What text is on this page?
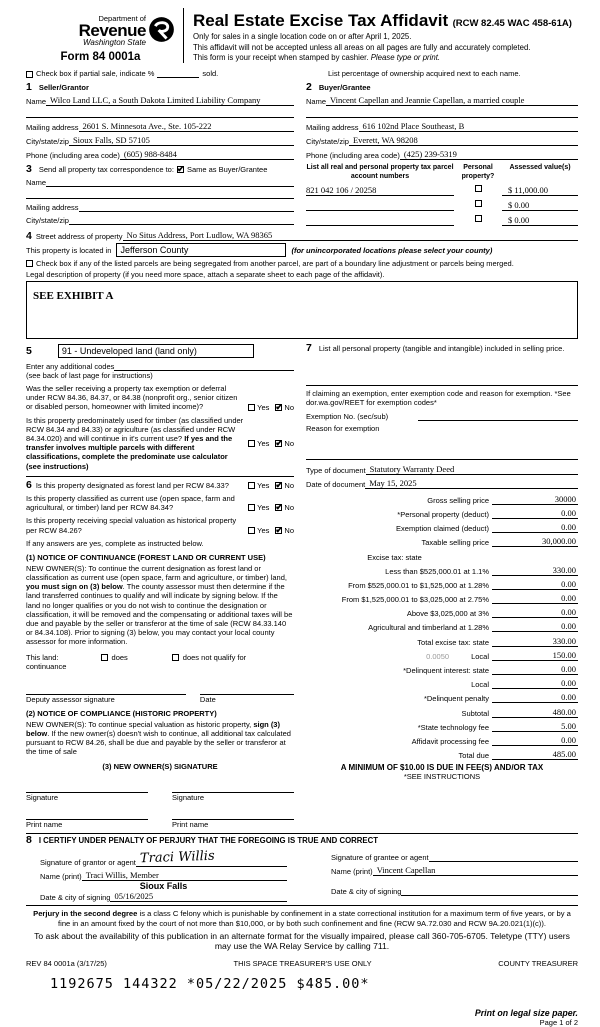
Department of
Revenue
Washington State
Form 84 0001a
Real Estate Excise Tax Affidavit (RCW 82.45 WAC 458-61A)
Only for sales in a single location code on or after April 1, 2025.
This affidavit will not be accepted unless all areas on all pages are fully and accurately completed.
This form is your receipt when stamped by cashier. Please type or print.
Check box if partial sale, indicate %	sold.	List percentage of ownership acquired next to each name.
1 Seller/Grantor
Name Wilco Land LLC, a South Dakota Limited Liability Company
Mailing address 2601 S. Minnesota Ave., Ste. 105-222
City/state/zip Sioux Falls, SD 57105
Phone (including area code) (605) 988-8484
2 Buyer/Grantee
Name Vincent Capellan and Jeannie Capellan, a married couple
Mailing address 616 102nd Place Southeast, B
City/state/zip Everett, WA 98208
Phone (including area code) (425) 239-5319
3 Send all property tax correspondence to: ✔ Same as Buyer/Grantee
Name
Mailing address
City/state/zip
List all real and personal property tax parcel account numbers
Personal property?
Assessed value(s)
821 042 106 / 20258	$ 11,000.00
$ 0.00
$ 0.00
4 Street address of property No Situs Address, Port Ludlow, WA 98365
This property is located in	Jefferson County	(for unincorporated locations please select your county)
Check box if any of the listed parcels are being segregated from another parcel, are part of a boundary line adjustment or parcels being merged.
Legal description of property (if you need more space, attach a separate sheet to each page of the affidavit).
SEE EXHIBIT A
5	91 - Undeveloped land (land only)
Enter any additional codes
(see back of last page for instructions)
Was the seller receiving a property tax exemption or deferral under RCW 84.36, 84.37, or 84.38 (nonprofit org., senior citizen or disabled person, homeowner with limited income)?	Yes ✔ No
Is this property predominately used for timber (as classified under RCW 84.34 and 84.33) or agriculture (as classified under RCW 84.34.020) and will continue in it's current use? If yes and the transfer involves multiple parcels with different classifications, complete the predominate use calculator (see instructions)
Yes ✔ No
6 Is this property designated as forest land per RCW 84.33?	Yes ✔ No
Is this property classified as current use (open space, farm and agricultural, or timber) land per RCW 84.34?	Yes ✔ No
Is this property receiving special valuation as historical property per RCW 84.26?	Yes ✔ No
If any answers are yes, complete as instructed below.
(1) NOTICE OF CONTINUANCE (FOREST LAND OR CURRENT USE)
NEW OWNER(S): To continue the current designation as forest land or classification as current use (open space, farm and agriculture, or timber) land, you must sign on (3) below. The county assessor must then determine if the land transferred continues to qualify and will indicate by signing below. If the land no longer qualifies or you do not wish to continue the designation or classification, it will be removed and the compensating or additional taxes will be due and payable by the seller or transferor at the time of sale (RCW 84.33.140 or 84.34.108). Prior to signing (3) below, you may contact your local county assessor for more information.
This land:	does	does not qualify for
continuance
Deputy assessor signature	Date
(2) NOTICE OF COMPLIANCE (HISTORIC PROPERTY)
NEW OWNER(S): To continue special valuation as historic property, sign (3) below. If the new owner(s) doesn't wish to continue, all additional tax calculated pursuant to RCW 84.26, shall be due and payable by the seller or transferor at the time of sale
(3) NEW OWNER(S) SIGNATURE
Signature	Signature
Print name	Print name
7 List all personal property (tangible and intangible) included in selling price.
If claiming an exemption, enter exemption code and reason for exemption. *See dor.wa.gov/REET for exemption codes*
Exemption No. (sec/sub)
Reason for exemption
Type of document Statutory Warranty Deed
Date of document May 15, 2025
Gross selling price	30000
*Personal property (deduct)	0.00
Exemption claimed (deduct)	0.00
Taxable selling price	30,000.00
Excise tax: state
Less than $525,000.01 at 1.1%	330.00
From $525,000.01 to $1,525,000 at 1.28%	0.00
From $1,525,000.01 to $3,025,000 at 2.75%	0.00
Above $3,025,000 at 3%	0.00
Agricultural and timberland at 1.28%	0.00
Total excise tax: state	330.00
0.0050	Local	150.00
*Delinquent interest: state	0.00
Local	0.00
*Delinquent penalty	0.00
Subtotal	480.00
*State technology fee	5.00
Affidavit processing fee	0.00
Total due	485.00
A MINIMUM OF $10.00 IS DUE IN FEE(S) AND/OR TAX
*SEE INSTRUCTIONS
8 I CERTIFY UNDER PENALTY OF PERJURY THAT THE FOREGOING IS TRUE AND CORRECT
Signature of grantor or agent Traci Willis
Name (print) Traci Willis, Member
Sioux Falls
Date & city of signing 05/16/2025
Signature of grantee or agent
Name (print) Vincent Capellan
Date & city of signing
Perjury in the second degree is a class C felony which is punishable by confinement in a state correctional institution for a maximum term of five years, or by a fine in an amount fixed by the court of not more than $10,000, or by both such confinement and fine (RCW 9A.72.030 and RCW 9A.20.021(1)(c)).
To ask about the availability of this publication in an alternate format for the visually impaired, please call 360-705-6705. Teletype (TTY) users may use the WA Relay Service by calling 711.
REV 84 0001a (3/17/25)	THIS SPACE TREASURER'S USE ONLY	COUNTY TREASURER
1192675 144322 *05/22/2025 $485.00*
Print on legal size paper.
Page 1 of 2
